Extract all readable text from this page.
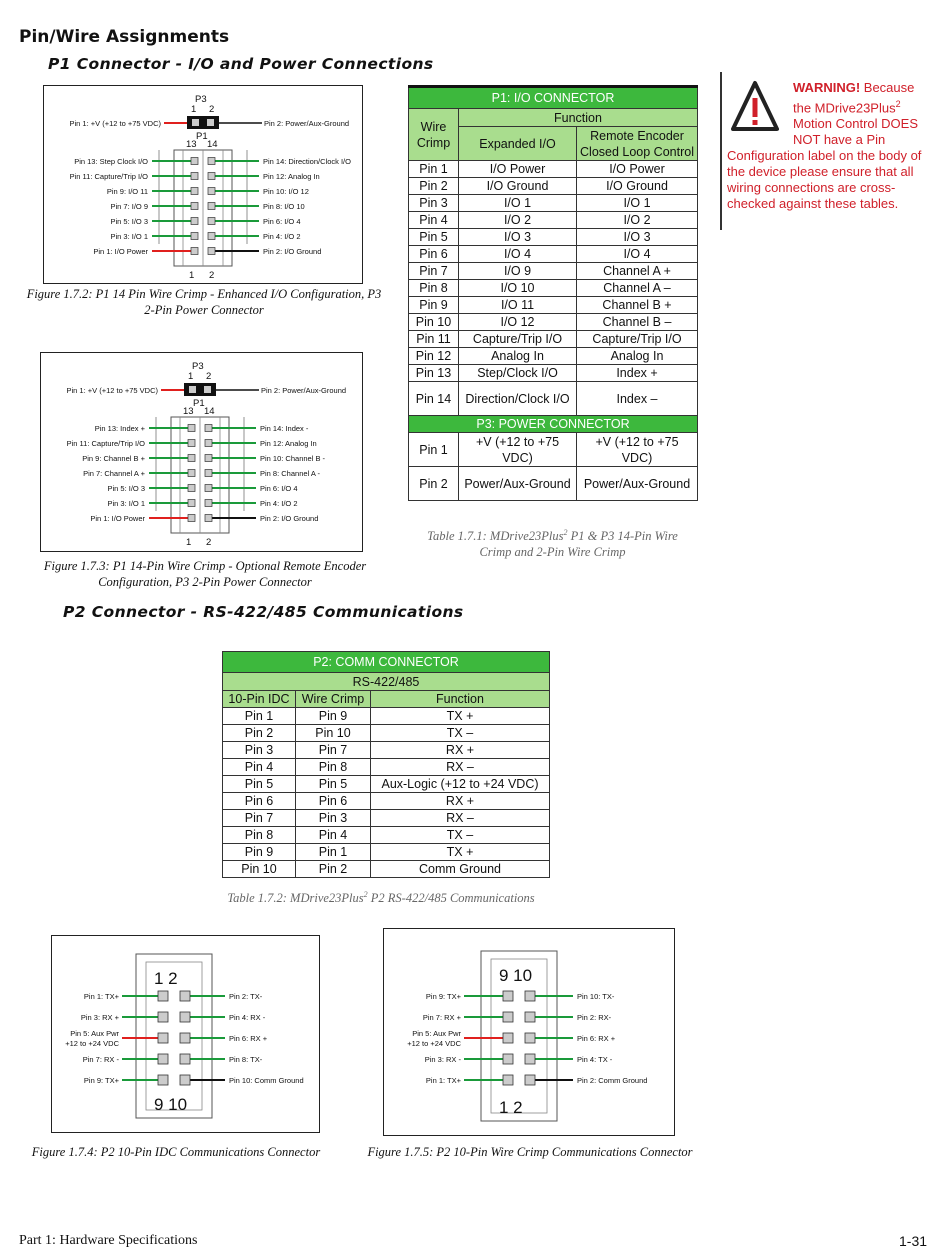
Pin/Wire Assignments
P1 Connector - I/O and Power Connections
P3
1 2
Pin 1: +V (+12 to +75 VDC)	Pin 2: Power/Aux-Ground
P1
13 14
1 2
Pin 13: Step Clock I/O	Pin 14: Direction/Clock I/O
Pin 11: Capture/Trip I/O	Pin 12: Analog In
Pin 9: I/O 11	Pin 10: I/O 12
Pin 7: I/O 9	Pin 8: I/O 10
Pin 5: I/O 3	Pin 6: I/O 4
Pin 3: I/O 1	Pin 4: I/O 2
Pin 1: I/O Power	Pin 2: I/O Ground
Figure 1.7.2: P1 14 Pin Wire Crimp - Enhanced I/O Configuration, P3 2-Pin Power Connector
P3
1 2
Pin 1: +V (+12 to +75 VDC)	Pin 2: Power/Aux-Ground
P1
13 14
1 2
Pin 13: Index +	Pin 14: Index -
Pin 11: Capture/Trip I/O	Pin 12: Analog In
Pin 9: Channel B +	Pin 10: Channel B -
Pin 7: Channel A +	Pin 8: Channel A -
Pin 5: I/O 3	Pin 6: I/O 4
Pin 3: I/O 1	Pin 4: I/O 2
Pin 1: I/O Power	Pin 2: I/O Ground
Figure 1.7.3: P1 14-Pin Wire Crimp - Optional Remote Encoder Configuration, P3 2-Pin Power Connector
P1: I/O CONNECTOR		
Wire Crimp	Function	
	Expanded I/O	Remote Encoder Closed Loop Control
Pin 1	I/O Power	I/O Power
Pin 2	I/O Ground	I/O Ground
Pin 3	I/O 1	I/O 1
Pin 4	I/O 2	I/O 2
Pin 5	I/O 3	I/O 3
Pin 6	I/O 4	I/O 4
Pin 7	I/O 9	Channel A +
Pin 8	I/O 10	Channel A –
Pin 9	I/O 11	Channel B +
Pin 10	I/O 12	Channel B –
Pin 11	Capture/Trip I/O	Capture/Trip I/O
Pin 12	Analog In	Analog In
Pin 13	Step/Clock I/O	Index +
Pin 14	Direction/Clock I/O	Index –
P3: POWER CONNECTOR		
Pin 1	+V (+12 to +75 VDC)	+V (+12 to +75 VDC)
Pin 2	Power/Aux-Ground	Power/Aux-Ground
Table 1.7.1: MDrive23Plus$^2$ P1 & P3 14-Pin Wire Crimp and 2-Pin Wire Crimp
WARNING! Because the MDrive23Plus$^2$ Motion Control DOES NOT have a Pin Configuration label on the body of the device please ensure that all wiring connections are cross-checked against these tables.
P2 Connector - RS-422/485 Communications
P2: COMM CONNECTOR		
RS-422/485		
10-Pin IDC	Wire Crimp	Function
Pin 1	Pin 9	TX +
Pin 2	Pin 10	TX –
Pin 3	Pin 7	RX +
Pin 4	Pin 8	RX –
Pin 5	Pin 5	Aux-Logic (+12 to +24 VDC)
Pin 6	Pin 6	RX +
Pin 7	Pin 3	RX –
Pin 8	Pin 4	TX –
Pin 9	Pin 1	TX +
Pin 10	Pin 2	Comm Ground
Table 1.7.2: MDrive23Plus$^2$ P2 RS-422/485 Communications
1 2
9 10
Pin 1: TX+	Pin 2: TX-
Pin 3: RX +	Pin 4: RX -
Pin 5: Aux Pwr
+12 to +24 VDC
Pin 6: RX +
Pin 7: RX -	Pin 8: TX-
Pin 9: TX+	Pin 10: Comm Ground
Figure 1.7.4: P2 10-Pin IDC Communications Connector
9 10
1 2
Pin 9: TX+	Pin 10: TX-
Pin 7: RX +	Pin 2: RX-
Pin 5: Aux Pwr
+12 to +24 VDC
Pin 6: RX +
Pin 3: RX -	Pin 4: TX -
Pin 1: TX+	Pin 2: Comm Ground
Figure 1.7.5: P2 10-Pin Wire Crimp Communications Connector
Part 1: Hardware Specifications	1-31
